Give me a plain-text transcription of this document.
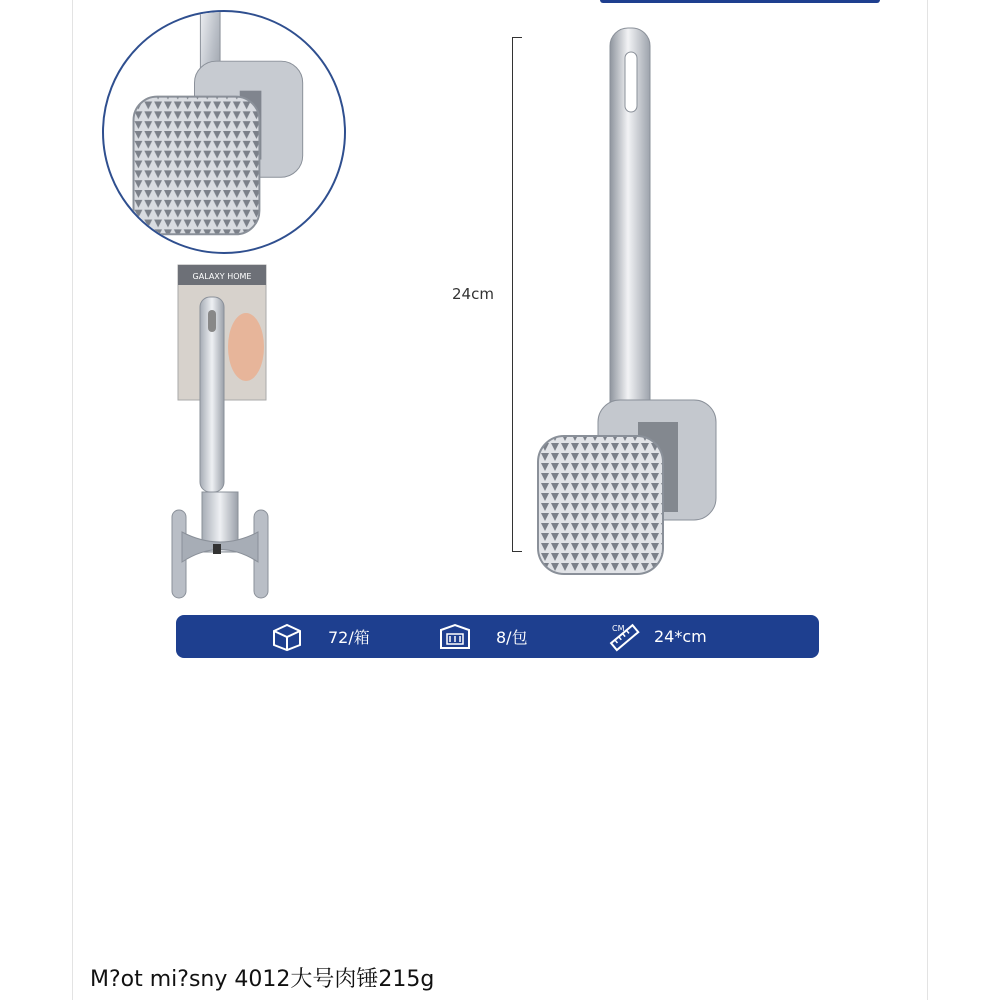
GALAXY HOME
24cm
72/箱	8/包	CM 24*cm
M?ot mi?sny 4012大号肉锤215g
